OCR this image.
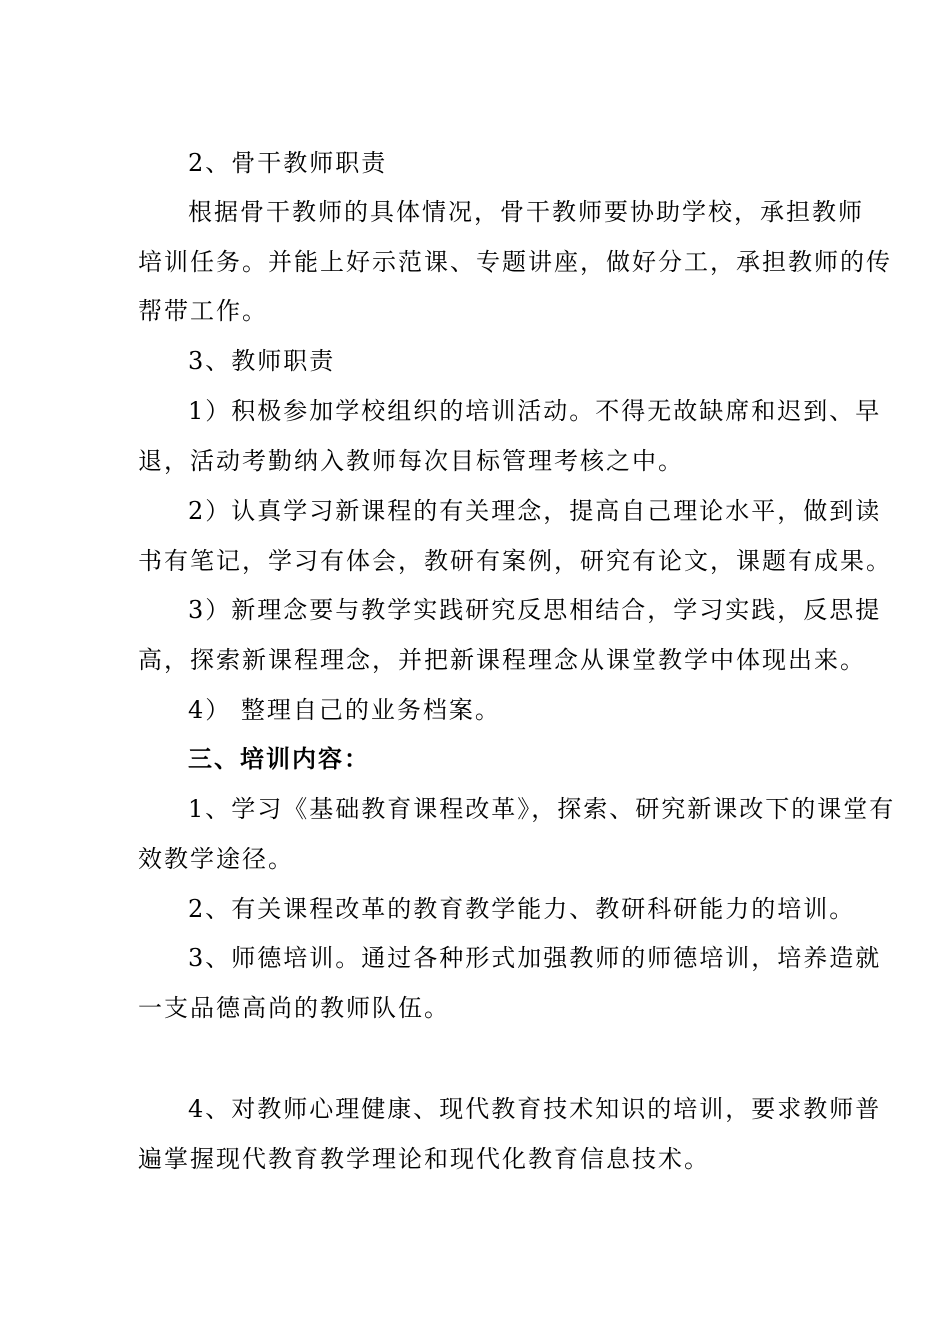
2、骨干教师职责
根据骨干教师的具体情况，骨干教师要协助学校，承担教师
培训任务。并能上好示范课、专题讲座，做好分工，承担教师的传
帮带工作。
3、教师职责
1）积极参加学校组织的培训活动。不得无故缺席和迟到、早
退，活动考勤纳入教师每次目标管理考核之中。
2）认真学习新课程的有关理念，提高自己理论水平，做到读
书有笔记，学习有体会，教研有案例，研究有论文，课题有成果。
3）新理念要与教学实践研究反思相结合，学习实践，反思提
高，探索新课程理念，并把新课程理念从课堂教学中体现出来。
4） 整理自己的业务档案。
三、培训内容：
1、学习《基础教育课程改革》，探索、研究新课改下的课堂有
效教学途径。
2、有关课程改革的教育教学能力、教研科研能力的培训。
3、师德培训。通过各种形式加强教师的师德培训，培养造就
一支品德高尚的教师队伍。
4、对教师心理健康、现代教育技术知识的培训，要求教师普
遍掌握现代教育教学理论和现代化教育信息技术。
